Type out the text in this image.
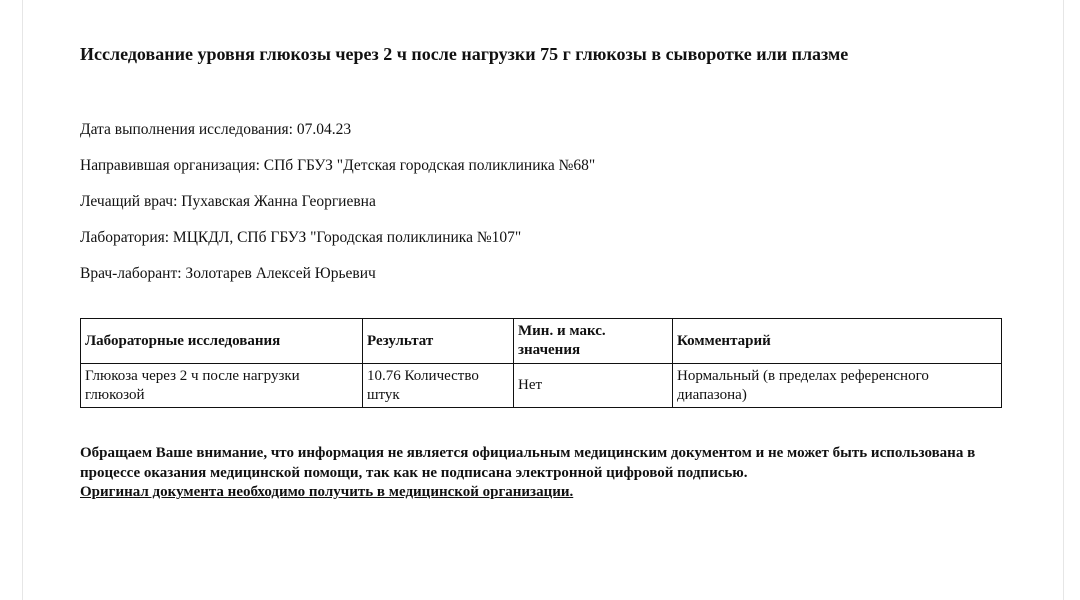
Исследование уровня глюкозы через 2 ч после нагрузки 75 г глюкозы в сыворотке или плазме
Дата выполнения исследования: 07.04.23
Направившая организация: СПб ГБУЗ "Детская городская поликлиника №68"
Лечащий врач: Пухавская Жанна Георгиевна
Лаборатория: МЦКДЛ, СПб ГБУЗ "Городская поликлиника №107"
Врач-лаборант: Золотарев Алексей Юрьевич
Лабораторные исследования	Результат	Мин. и макс. значения	Комментарий
Глюкоза через 2 ч после нагрузки глюкозой	10.76 Количество штук	Нет	Нормальный (в пределах референсного диапазона)
Обращаем Ваше внимание, что информация не является официальным медицинским документом и не может быть использована в процессе оказания медицинской помощи, так как не подписана электронной цифровой подписью.
Оригинал документа необходимо получить в медицинской организации.
